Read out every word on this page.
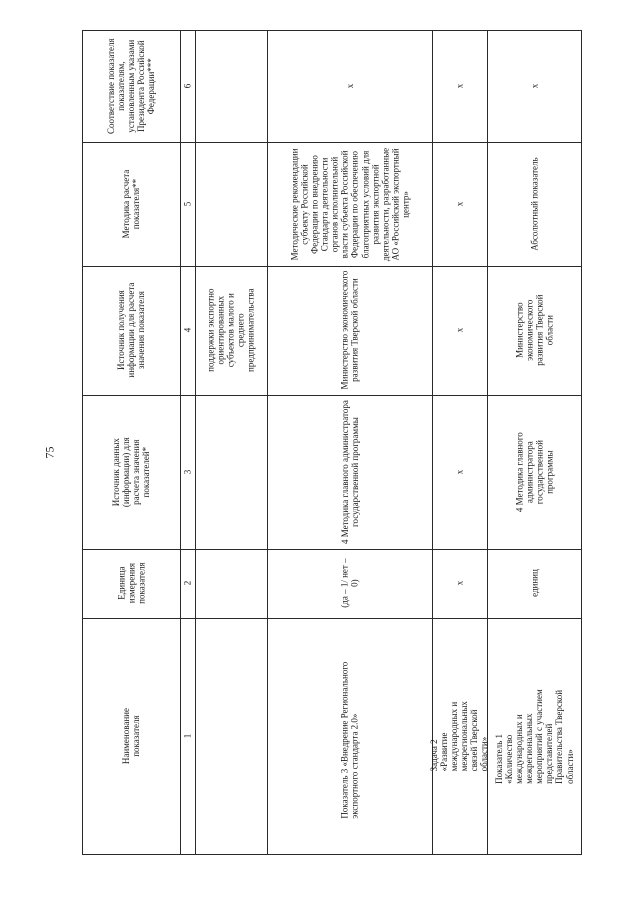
75
Наименование показателя
Единица измерения показателя
Источник данных (информации) для расчета значения показателей*
Источник получения информации для расчета значения показателя
Методика расчета показателя**
Соответствие показателя показателям, установленным указами Президента Российской Федерации***
1
2
3
4
5
6
поддержки экспортно ориентированных субъектов малого и среднего предпринимательства
Показатель 3 «Внедрение Регионального экспортного стандарта 2.0»
(да – 1/ нет – 0)
4 Методика главного администратора государственной программы
Министерство экономического развития Тверской области
Методические рекомендации субъекту Российской Федерации по внедрению Стандарта деятельности органов исполнительной власти субъекта Российской Федерации по обеспечению благоприятных условий для развития экспортной деятельности, разработанные АО «Российский экспортный центр»
x
Задача 2 «Развитие международных и межрегиональных связей Тверской области»
x
x
x
x
x
Показатель 1 «Количество международных и межрегиональных мероприятий с участием представителей Правительства Тверской области»
единиц
4 Методика главного администратора государственной программы
Министерство экономического развития Тверской области
Абсолютный показатель
x
